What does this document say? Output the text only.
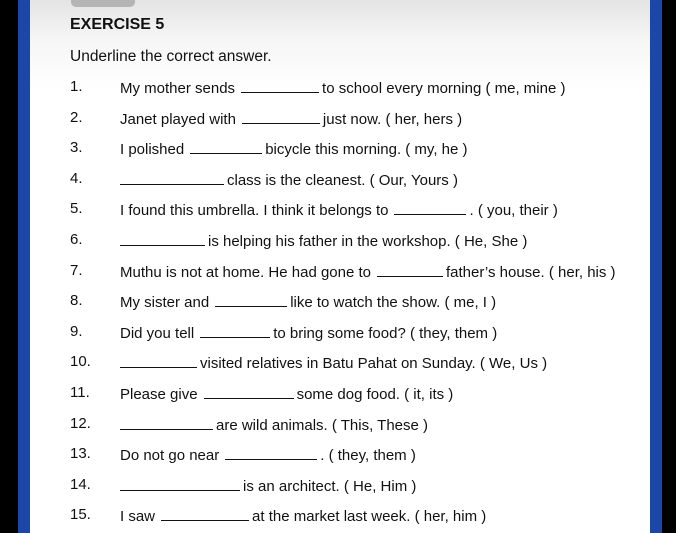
EXERCISE 5
Underline the correct answer.
1. My mother sends	to school every morning ( me, mine )
2. Janet played with	just now. ( her, hers )
3. I polished	bicycle this morning. ( my, he )
4.	class is the cleanest. ( Our, Yours )
5. I found this umbrella. I think it belongs to	. ( you, their )
6.	is helping his father in the workshop. ( He, She )
7. Muthu is not at home. He had gone to	father’s house. ( her, his )
8. My sister and	like to watch the show. ( me, I )
9. Did you tell	to bring some food? ( they, them )
10.	visited relatives in Batu Pahat on Sunday. ( We, Us )
11. Please give	some dog food. ( it, its )
12.	are wild animals. ( This, These )
13. Do not go near	. ( they, them )
14.	is an architect. ( He, Him )
15. I saw	at the market last week. ( her, him )
